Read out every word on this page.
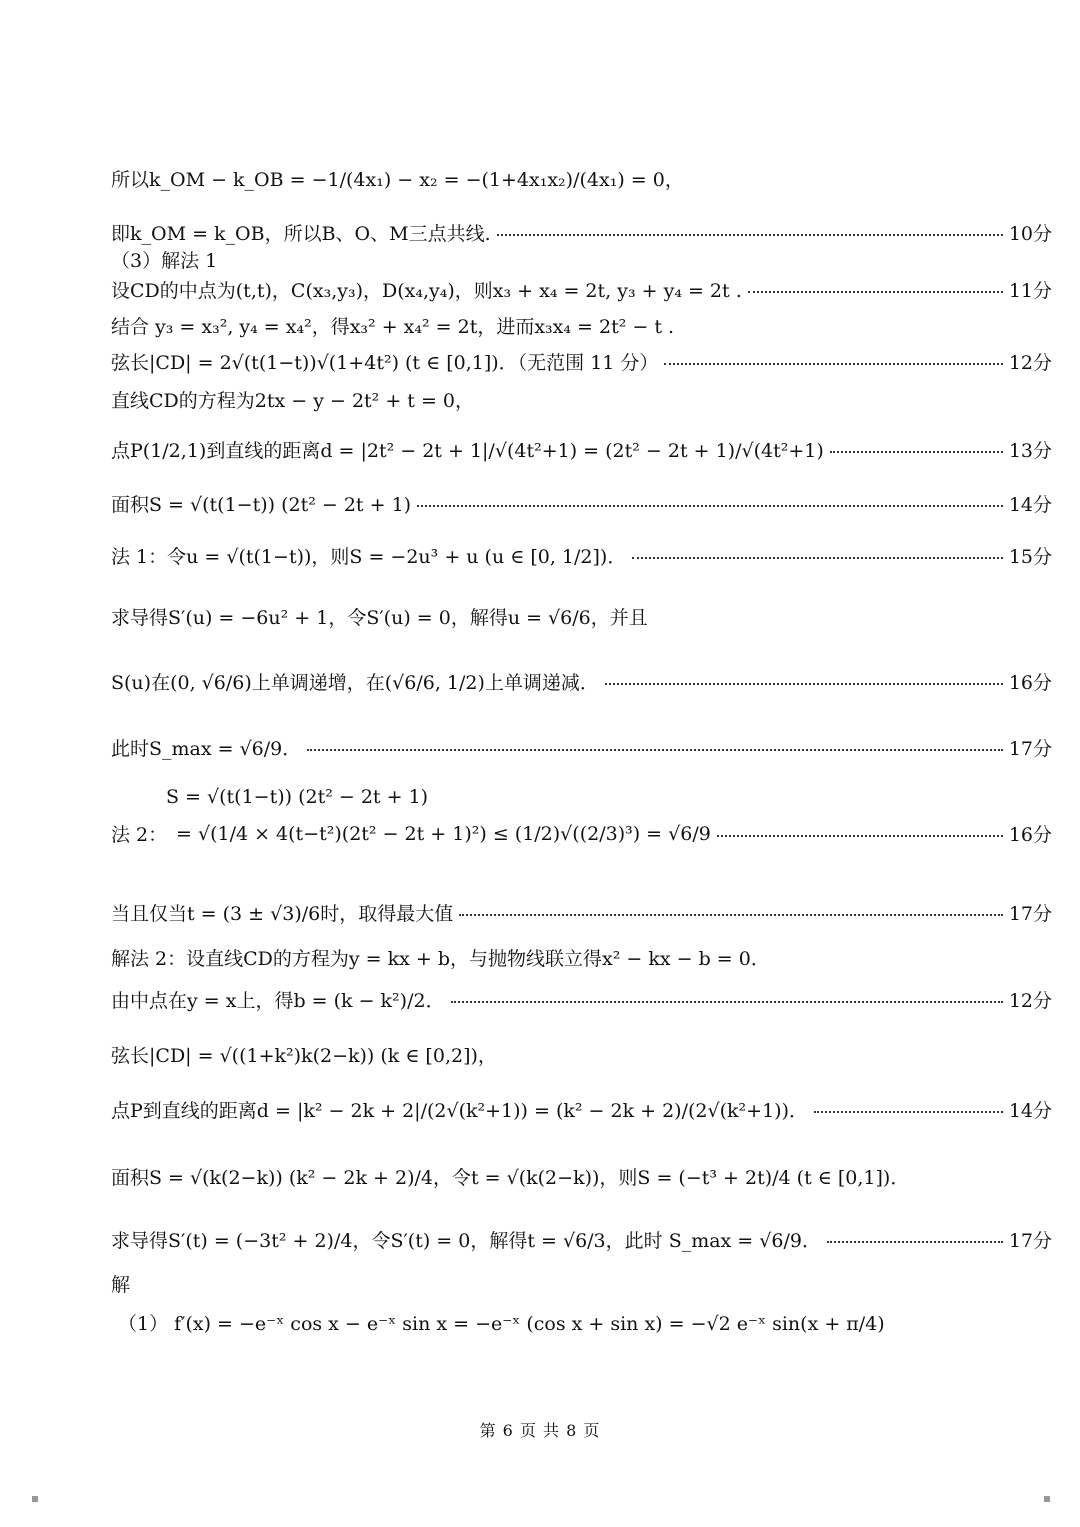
所以k_OM − k_OB = −1/(4x₁) − x₂ = −(1+4x₁x₂)/(4x₁) = 0，
即k_OM = k_OB，所以B、O、M三点共线.	10分
（3）解法 1
设CD的中点为(t,t)，C(x₃,y₃)，D(x₄,y₄)，则x₃ + x₄ = 2t, y₃ + y₄ = 2t .	11分
结合 y₃ = x₃², y₄ = x₄²，得x₃² + x₄² = 2t，进而x₃x₄ = 2t² − t .
弦长|CD| = 2√(t(1−t))√(1+4t²) (t ∈ [0,1])．（无范围 11 分）	12分
直线CD的方程为2tx − y − 2t² + t = 0，
点P(1/2,1)到直线的距离d = |2t² − 2t + 1|/√(4t²+1) = (2t² − 2t + 1)/√(4t²+1)	13分
面积S = √(t(1−t)) (2t² − 2t + 1)	14分
法 1：令u = √(t(1−t))，则S = −2u³ + u (u ∈ [0, 1/2])．	15分
求导得S′(u) = −6u² + 1，令S′(u) = 0，解得u = √6/6，并且
S(u)在(0, √6/6)上单调递增，在(√6/6, 1/2)上单调递减．	16分
此时S_max = √6/9．	17分
S = √(t(1−t)) (2t² − 2t + 1)
法 2： = √(1/4 × 4(t−t²)(2t² − 2t + 1)²) ≤ (1/2)√((2/3)³) = √6/9	16分
当且仅当t = (3 ± √3)/6时，取得最大值	17分
解法 2：设直线CD的方程为y = kx + b，与抛物线联立得x² − kx − b = 0．
由中点在y = x上，得b = (k − k²)/2．	12分
弦长|CD| = √((1+k²)k(2−k)) (k ∈ [0,2])，
点P到直线的距离d = |k² − 2k + 2|/(2√(k²+1)) = (k² − 2k + 2)/(2√(k²+1))．	14分
面积S = √(k(2−k)) (k² − 2k + 2)/4，令t = √(k(2−k))，则S = (−t³ + 2t)/4 (t ∈ [0,1])．
求导得S′(t) = (−3t² + 2)/4，令S′(t) = 0，解得t = √6/3，此时 S_max = √6/9．	17分
解
（1） f′(x) = −e⁻ˣ cos x − e⁻ˣ sin x = −e⁻ˣ (cos x + sin x) = −√2 e⁻ˣ sin(x + π/4)
第 6 页 共 8 页
